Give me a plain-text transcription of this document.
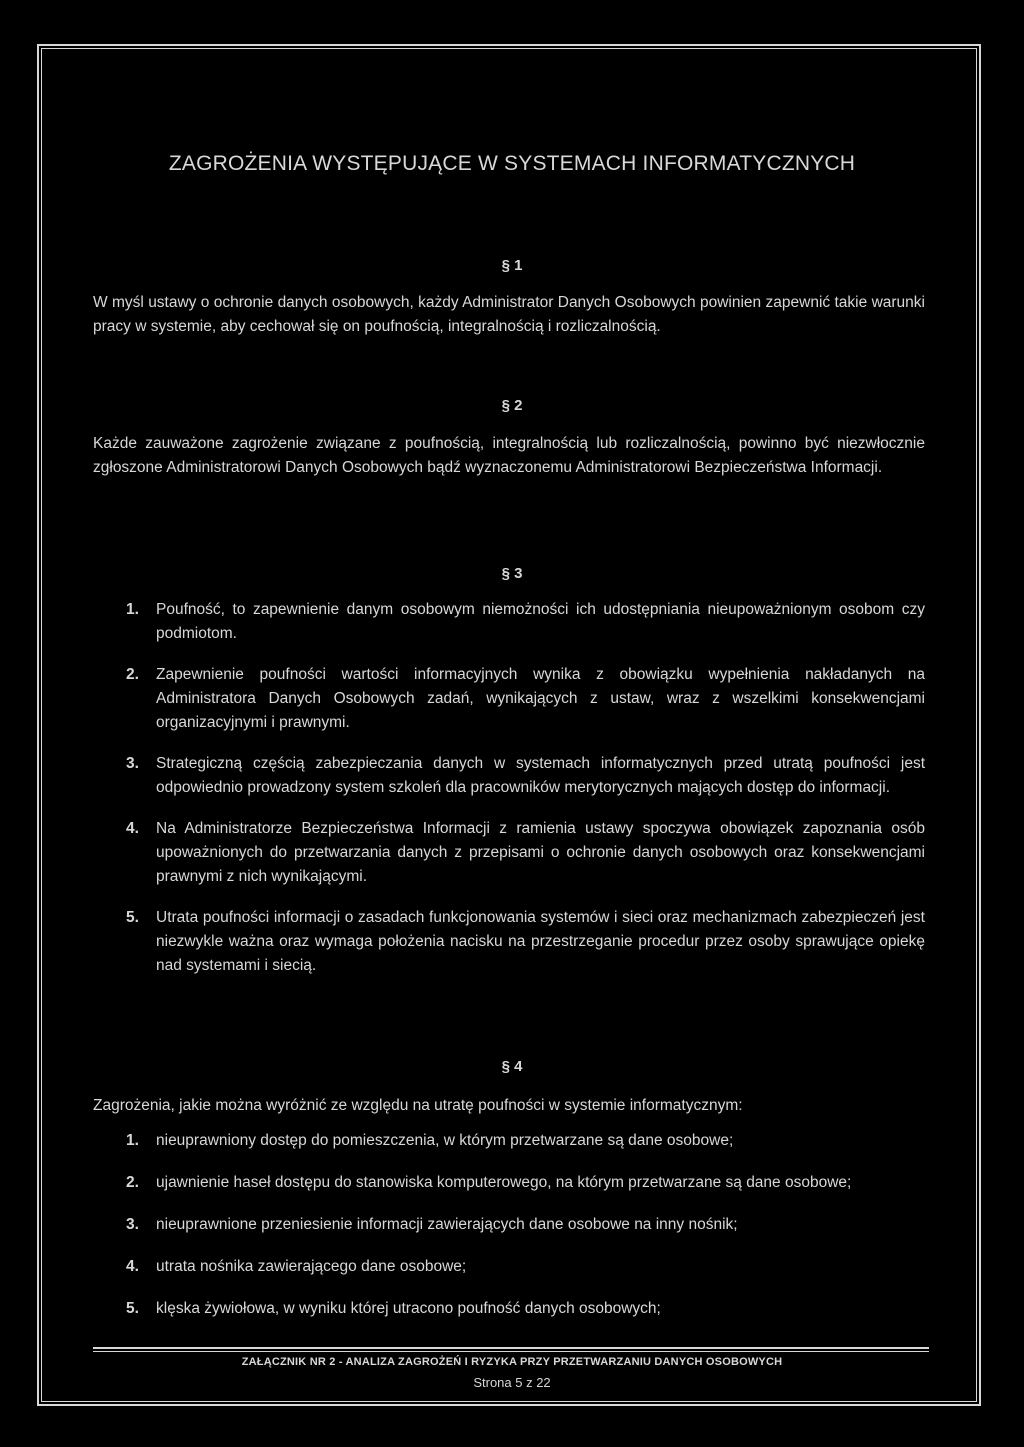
ZAGROŻENIA WYSTĘPUJĄCE W SYSTEMACH INFORMATYCZNYCH
§ 1

W myśl ustawy o ochronie danych osobowych, każdy Administrator Danych Osobowych powinien zapewnić takie warunki pracy w systemie, aby cechował się on poufnością, integralnością i rozliczalnością.

§ 2

Każde zauważone zagrożenie związane z poufnością, integralnością lub rozliczalnością, powinno być niezwłocznie zgłoszone Administratorowi Danych Osobowych bądź wyznaczonemu Administratorowi Bezpieczeństwa Informacji.

§ 3
1. Poufność, to zapewnienie danym osobowym niemożności ich udostępniania nieupoważnionym osobom czy podmiotom.
2. Zapewnienie poufności wartości informacyjnych wynika z obowiązku wypełnienia nakładanych na Administratora Danych Osobowych zadań, wynikających z ustaw, wraz z wszelkimi konsekwencjami organizacyjnymi i prawnymi.
3. Strategiczną częścią zabezpieczania danych w systemach informatycznych przed utratą poufności jest odpowiednio prowadzony system szkoleń dla pracowników merytorycznych mających dostęp do informacji.
4. Na Administratorze Bezpieczeństwa Informacji z ramienia ustawy spoczywa obowiązek zapoznania osób upoważnionych do przetwarzania danych z przepisami o ochronie danych osobowych oraz konsekwencjami prawnymi z nich wynikającymi.
5. Utrata poufności informacji o zasadach funkcjonowania systemów i sieci oraz mechanizmach zabezpieczeń jest niezwykle ważna oraz wymaga położenia nacisku na przestrzeganie procedur przez osoby sprawujące opiekę nad systemami i siecią.
§ 4

Zagrożenia, jakie można wyróżnić ze względu na utratę poufności w systemie informatycznym:

1. nieuprawniony dostęp do pomieszczenia, w którym przetwarzane są dane osobowe;
2. ujawnienie haseł dostępu do stanowiska komputerowego, na którym przetwarzane są dane osobowe;
3. nieuprawnione przeniesienie informacji zawierających dane osobowe na inny nośnik;
4. utrata nośnika zawierającego dane osobowe;
5. klęska żywiołowa, w wyniku której utracono poufność danych osobowych;
ZAŁĄCZNIK NR 2 - ANALIZA ZAGROŻEŃ I RYZYKA PRZY PRZETWARZANIU DANYCH OSOBOWYCH
Strona 5 z 22
